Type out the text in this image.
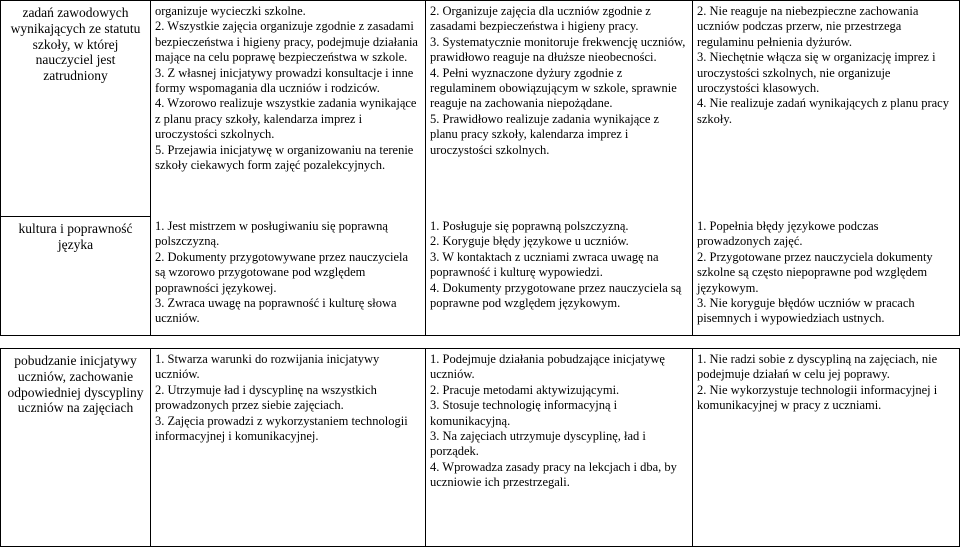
zadań zawodowych wynikających ze statutu szkoły, w której nauczyciel jest zatrudniony
organizuje wycieczki szkolne.
2. Wszystkie zajęcia organizuje zgodnie z zasadami bezpieczeństwa i higieny pracy, podejmuje działania mające na celu poprawę bezpieczeństwa w szkole.
3. Z własnej inicjatywy prowadzi konsultacje i inne formy wspomagania dla uczniów i rodziców.
4. Wzorowo realizuje wszystkie zadania wynikające z planu pracy szkoły, kalendarza imprez i uroczystości szkolnych.
5. Przejawia inicjatywę w organizowaniu na terenie szkoły ciekawych form zajęć pozalekcyjnych.
2. Organizuje zajęcia dla uczniów zgodnie z zasadami bezpieczeństwa i higieny pracy.
3. Systematycznie monitoruje frekwencję uczniów, prawidłowo reaguje na dłuższe nieobecności.
4. Pełni wyznaczone dyżury zgodnie z regulaminem obowiązującym w szkole, sprawnie reaguje na zachowania niepożądane.
5. Prawidłowo realizuje zadania wynikające z planu pracy szkoły, kalendarza imprez i uroczystości szkolnych.
2. Nie reaguje na niebezpieczne zachowania uczniów podczas przerw, nie przestrzega regulaminu pełnienia dyżurów.
3. Niechętnie włącza się w organizację imprez i uroczystości szkolnych, nie organizuje uroczystości klasowych.
4. Nie realizuje zadań wynikających z planu pracy szkoły.
kultura i poprawność języka
1. Jest mistrzem w posługiwaniu się poprawną polszczyzną.
2. Dokumenty przygotowywane przez nauczyciela są wzorowo przygotowane pod względem poprawności językowej.
3. Zwraca uwagę na poprawność i kulturę słowa uczniów.
1. Posługuje się poprawną polszczyzną.
2. Koryguje błędy językowe u uczniów.
3. W kontaktach z uczniami zwraca uwagę na poprawność i kulturę wypowiedzi.
4. Dokumenty przygotowane przez nauczyciela są poprawne pod względem językowym.
1. Popełnia błędy językowe podczas prowadzonych zajęć.
2. Przygotowane przez nauczyciela dokumenty szkolne są często niepoprawne pod względem językowym.
3. Nie koryguje błędów uczniów w pracach pisemnych i wypowiedziach ustnych.
pobudzanie inicjatywy uczniów, zachowanie odpowiedniej dyscypliny uczniów na zajęciach
1. Stwarza warunki do rozwijania inicjatywy uczniów.
2. Utrzymuje ład i dyscyplinę na wszystkich prowadzonych przez siebie zajęciach.
3. Zajęcia prowadzi z wykorzystaniem technologii informacyjnej i komunikacyjnej.
1. Podejmuje działania pobudzające inicjatywę uczniów.
2. Pracuje metodami aktywizującymi.
3. Stosuje technologię informacyjną i komunikacyjną.
3. Na zajęciach utrzymuje dyscyplinę, ład i porządek.
4. Wprowadza zasady pracy na lekcjach i dba, by uczniowie ich przestrzegali.
1. Nie radzi sobie z dyscypliną na zajęciach, nie podejmuje działań w celu jej poprawy.
2. Nie wykorzystuje technologii informacyjnej i komunikacyjnej w pracy z uczniami.
